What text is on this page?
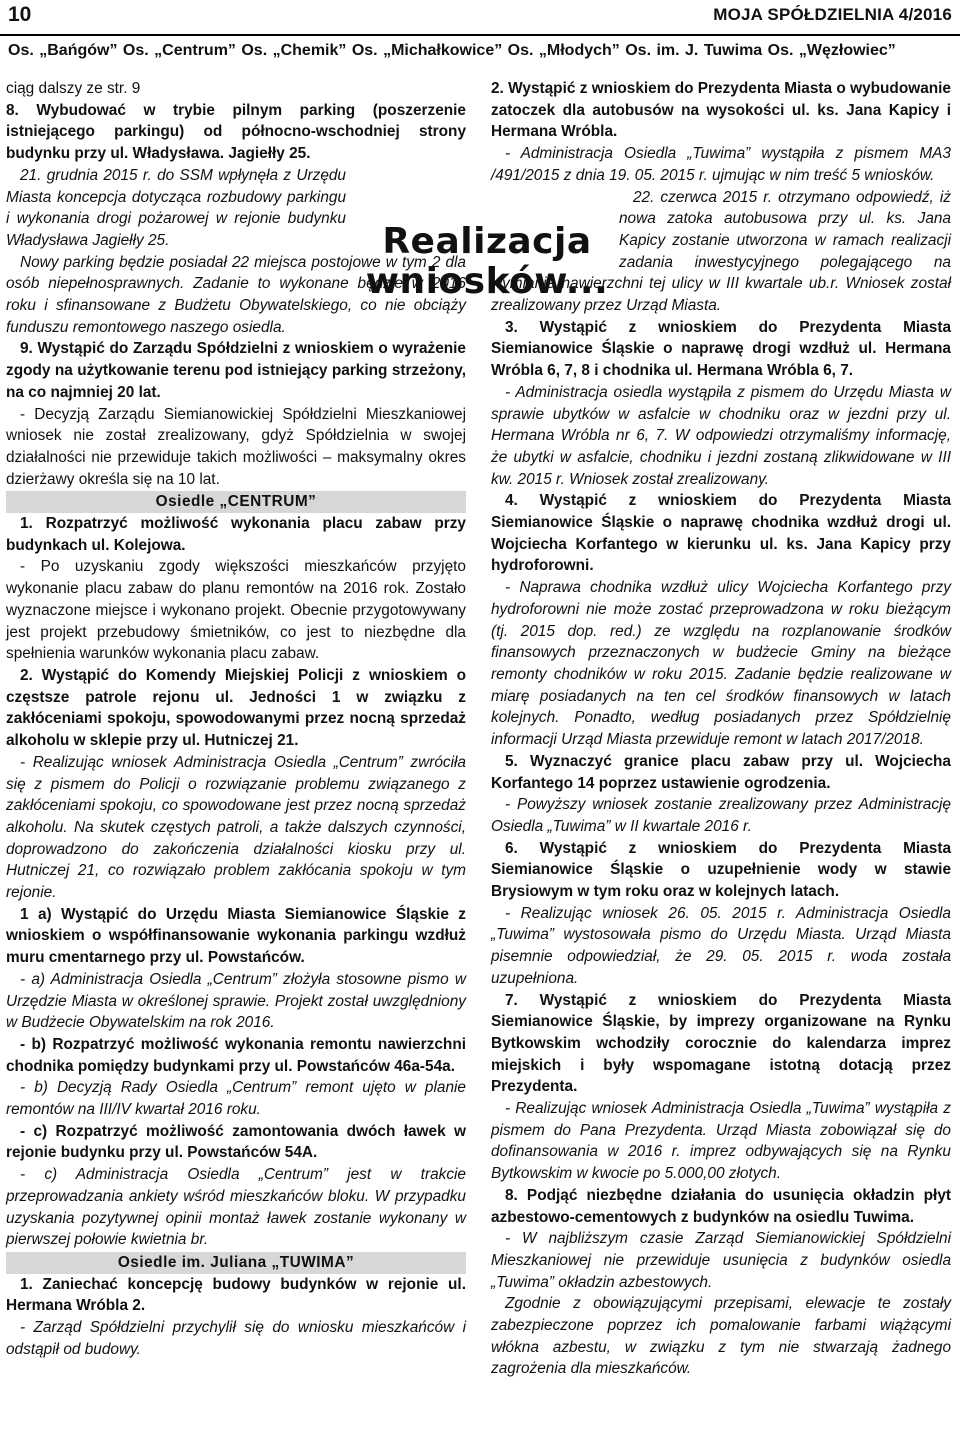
10	MOJA SPÓŁDZIELNIA 4/2016
Os. „Bańgów” Os. „Centrum” Os. „Chemik” Os. „Michałkowice” Os. „Młodych” Os. im. J. Tuwima Os. „Węzłowiec”
Realizacja
wniosków...

ciąg dalszy ze str. 9

8. Wybudować w trybie pilnym parking (poszerzenie istniejącego parkingu) od północno-wschodniej strony budynku przy ul. Władysława. Jagiełły 25.

21. grudnia 2015 r. do SSM wpłynęła z Urzędu Miasta koncepcja dotycząca rozbudowy parkingu i wykonania drogi pożarowej w rejonie budynku Władysława Jagiełły 25.

Nowy parking będzie posiadał 22 miejsca postojowe w tym 2 dla osób niepełnosprawnych. Zadanie to wykonane będzie w 2016 roku i sfinansowane z Budżetu Obywatelskiego, co nie obciąży funduszu remontowego naszego osiedla.

9. Wystąpić do Zarządu Spółdzielni z wnioskiem o wyrażenie zgody na użytkowanie terenu pod istniejący parking strzeżony, na co najmniej 20 lat.

- Decyzją Zarządu Siemianowickiej Spółdzielni Mieszkaniowej wniosek nie został zrealizowany, gdyż Spółdzielnia w swojej działalności nie przewiduje takich możliwości – maksymalny okres dzierżawy określa się na 10 lat.

Osiedle „CENTRUM”

1. Rozpatrzyć możliwość wykonania placu zabaw przy budynkach ul. Kolejowa.

- Po uzyskaniu zgody większości mieszkańców przyjęto wykonanie placu zabaw do planu remontów na 2016 rok. Zostało wyznaczone miejsce i wykonano projekt. Obecnie przygotowywany jest projekt przebudowy śmietników, co jest to niezbędne dla spełnienia warunków wykonania placu zabaw.

2. Wystąpić do Komendy Miejskiej Policji z wnioskiem o częstsze patrole rejonu ul. Jedności 1 w związku z zakłóceniami spokoju, spowodowanymi przez nocną sprzedaż alkoholu w sklepie przy ul. Hutniczej 21.

- Realizując wniosek Administracja Osiedla „Centrum” zwróciła się z pismem do Policji o rozwiązanie problemu związanego z zakłóceniami spokoju, co spowodowane jest przez nocną sprzedaż alkoholu. Na skutek częstych patroli, a także dalszych czynności, doprowadzono do zakończenia działalności kiosku przy ul. Hutniczej 21, co rozwiązało problem zakłócania spokoju w tym rejonie.

1 a) Wystąpić do Urzędu Miasta Siemianowice Śląskie z wnioskiem o współfinansowanie wykonania parkingu wzdłuż muru cmentarnego przy ul. Powstańców.

- a) Administracja Osiedla „Centrum” złożyła stosowne pismo w Urzędzie Miasta w określonej sprawie. Projekt został uwzględniony w Budżecie Obywatelskim na rok 2016.

- b) Rozpatrzyć możliwość wykonania remontu nawierzchni chodnika pomiędzy budynkami przy ul. Powstańców 46a-54a.

- b) Decyzją Rady Osiedla „Centrum” remont ujęto w planie remontów na III/IV kwartał 2016 roku.

- c) Rozpatrzyć możliwość zamontowania dwóch ławek w rejonie budynku przy ul. Powstańców 54A.

- c) Administracja Osiedla „Centrum” jest w trakcie przeprowadzania ankiety wśród mieszkańców bloku. W przypadku uzyskania pozytywnej opinii montaż ławek zostanie wykonany w pierwszej połowie kwietnia br.

Osiedle im. Juliana „TUWIMA”

1. Zaniechać koncepcję budowy budynków w rejonie ul. Hermana Wróbla 2.

- Zarząd Spółdzielni przychylił się do wniosku mieszkańców i odstąpił od budowy.

2. Wystąpić z wnioskiem do Prezydenta Miasta o wybudowanie zatoczek dla autobusów na wysokości ul. ks. Jana Kapicy i Hermana Wróbla.

- Administracja Osiedla „Tuwima” wystąpiła z pismem MA3 /491/2015 z dnia 19. 05. 2015 r. ujmując w nim treść 5 wniosków.

22. czerwca 2015 r. otrzymano odpowiedź, iż nowa zatoka autobusowa przy ul. ks. Jana Kapicy zostanie utworzona w ramach realizacji zadania inwestycyjnego polegającego na wymianie nawierzchni tej ulicy w III kwartale ub.r. Wniosek został zrealizowany przez Urząd Miasta.

3. Wystąpić z wnioskiem do Prezydenta Miasta Siemianowice Śląskie o naprawę drogi wzdłuż ul. Hermana Wróbla 6, 7, 8 i chodnika ul. Hermana Wróbla 6, 7.

- Administracja osiedla wystąpiła z pismem do Urzędu Miasta w sprawie ubytków w asfalcie w chodniku oraz w jezdni przy ul. Hermana Wróbla nr 6, 7. W odpowiedzi otrzymaliśmy informację, że ubytki w asfalcie, chodniku i jezdni zostaną zlikwidowane w III kw. 2015 r. Wniosek został zrealizowany.

4. Wystąpić z wnioskiem do Prezydenta Miasta Siemianowice Śląskie o naprawę chodnika wzdłuż drogi ul. Wojciecha Korfantego w kierunku ul. ks. Jana Kapicy przy hydroforowni.

- Naprawa chodnika wzdłuż ulicy Wojciecha Korfantego przy hydroforowni nie może zostać przeprowadzona w roku bieżącym (tj. 2015 dop. red.) ze względu na rozplanowanie środków finansowych przeznaczonych w budżecie Gminy na bieżące remonty chodników w roku 2015. Zadanie będzie realizowane w miarę posiadanych na ten cel środków finansowych w latach kolejnych. Ponadto, według posiadanych przez Spółdzielnię informacji Urząd Miasta przewiduje remont w latach 2017/2018.

5. Wyznaczyć granice placu zabaw przy ul. Wojciecha Korfantego 14 poprzez ustawienie ogrodzenia.

- Powyższy wniosek zostanie zrealizowany przez Administrację Osiedla „Tuwima” w II kwartale 2016 r.

6. Wystąpić z wnioskiem do Prezydenta Miasta Siemianowice Śląskie o uzupełnienie wody w stawie Brysiowym w tym roku oraz w kolejnych latach.

- Realizując wniosek 26. 05. 2015 r. Administracja Osiedla „Tuwima” wystosowała pismo do Urzędu Miasta. Urząd Miasta pisemnie odpowiedział, że 29. 05. 2015 r. woda została uzupełniona.

7. Wystąpić z wnioskiem do Prezydenta Miasta Siemianowice Śląskie, by imprezy organizowane na Rynku Bytkowskim wchodziły corocznie do kalendarza imprez miejskich i były wspomagane istotną dotacją przez Prezydenta.

- Realizując wniosek Administracja Osiedla „Tuwima” wystąpiła z pismem do Pana Prezydenta. Urząd Miasta zobowiązał się do dofinansowania w 2016 r. imprez odbywających się na Rynku Bytkowskim w kwocie po 5.000,00 złotych.

8. Podjąć niezbędne działania do usunięcia okładzin płyt azbestowo-cementowych z budynków na osiedlu Tuwima.

- W najbliższym czasie Zarząd Siemianowickiej Spółdzielni Mieszkaniowej nie przewiduje usunięcia z budynków osiedla „Tuwima” okładzin azbestowych.

Zgodnie z obowiązującymi przepisami, elewacje te zostały zabezpieczone poprzez ich pomalowanie farbami wiążącymi włókna azbestu, w związku z tym nie stwarzają żadnego zagrożenia dla mieszkańców.
